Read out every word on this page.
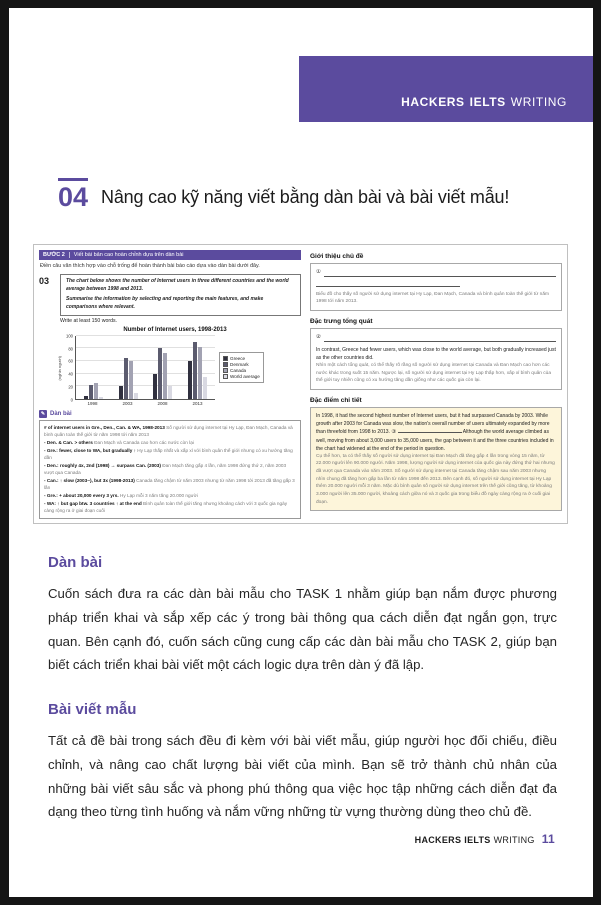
HACKERS IELTS WRITING
04 Nâng cao kỹ năng viết bằng dàn bài và bài viết mẫu!
BƯỚC 2	Viết bài bản cao hoàn chỉnh dựa trên dàn bài

Điền câu văn thích hợp vào chỗ trống để hoàn thành bài báo cáo dựa vào dàn bài dưới đây.

03	The chart below shows the number of Internet users in three different countries and the world average between 1998 and 2013.

Summarise the information by selecting and reporting the main features, and make comparisons where relevant.

Write at least 150 words.

Number of Internet users, 1998-2013
(nghìn người)
0
20
40
60
80
100
Greece
Denmark
Canada
World average
1998	2003	2008	2013
✎ Dàn bài
# of internet users in Gre., Den., Can. & WA, 1998-2013 Số người sử dụng internet tại Hy Lạp, Đan Mạch, Canada và bình quân toàn thế giới từ năm 1998 tới năm 2013
- Den. & Can. > others Đan Mạch và Canada cao hơn các nước còn lại
- Gre.: fewer, close to WA, but gradually ↑ Hy Lạp thấp nhất và xấp xỉ với bình quân thế giới nhưng có xu hướng tăng dần
- Den.: roughly 4x, 2nd (1998) → surpass Can. (2003) Đan Mạch tăng gấp 4 lần, năm 1998 đứng thứ 2, năm 2003 vượt qua Canada
- Can.: ↑ slow (2003~), but 3x (1998-2013) Canada tăng chậm từ năm 2003 nhưng từ năm 1998 tới 2013 đã tăng gấp 3 lần
- Gre.: + about 20,000 every 3 yrs. Hy Lạp mỗi 3 năm tăng 20.000 người
- WA: ↑ but gap btw. 3 countries ↑ at the end Bình quân toàn thế giới tăng nhưng khoảng cách với 3 quốc gia ngày càng rộng ra ở giai đoạn cuối
Giới thiệu chủ đề
①

Biểu đồ cho thấy số người sử dụng internet tại Hy Lạp, Đan Mạch, Canada và bình quân toàn thế giới từ năm 1998 tới năm 2013.

Đặc trưng tổng quát
②

In contrast, Greece had fewer users, which was close to the world average, but both gradually increased just as the other countries did.

Nhìn một cách tổng quát, có thể thấy rõ rằng số người sử dụng internet tại Canada và Đan Mạch cao hơn các nước khác trong suốt 15 năm. Ngược lại, số người sử dụng internet tại Hy Lạp thấp hơn, xấp xỉ bình quân của thế giới tuy nhiên cũng có xu hướng tăng dần giống như các quốc gia còn lại.

Đặc điểm chi tiết

In 1998, it had the second highest number of Internet users, but it had surpassed Canada by 2003. While growth after 2003 for Canada was slow, the nation's overall number of users ultimately expanded by more than threefold from 1998 to 2013. ③	Although the world average climbed as well, moving from about 3,000 users to 35,000 users, the gap between it and the three countries included in the chart had widened at the end of the period in question.

Cụ thể hơn, ta có thể thấy số người sử dụng internet tại Đan Mạch đã tăng gấp 4 lần trong vòng 15 năm, từ 22.000 người lên 90.000 người. Năm 1998, lượng người sử dụng internet của quốc gia này đứng thứ hai nhưng đã vượt qua Canada vào năm 2003. Số người sử dụng internet tại Canada tăng chậm sau năm 2003 nhưng nhìn chung đã tăng hơn gấp ba lần từ năm 1998 đến 2013. Bên cạnh đó, số người sử dụng internet tại Hy Lạp thêm 20.000 người mỗi 3 năm. Mặc dù bình quân số người sử dụng internet trên thế giới cũng tăng, từ khoảng 3.000 người lên 35.000 người, khoảng cách giữa nó và 3 quốc gia trong biểu đồ ngày càng rộng ra ở cuối giai đoạn.

Dàn bài

Cuốn sách đưa ra các dàn bài mẫu cho TASK 1 nhằm giúp bạn nắm được phương pháp triển khai và sắp xếp các ý trong bài thông qua cách diễn đạt ngắn gọn, trực quan. Bên cạnh đó, cuốn sách cũng cung cấp các dàn bài mẫu cho TASK 2, giúp bạn biết cách triển khai bài viết một cách logic dựa trên dàn ý đã lập.

Bài viết mẫu

Tất cả đề bài trong sách đều đi kèm với bài viết mẫu, giúp người học đối chiếu, điều chỉnh, và nâng cao chất lượng bài viết của mình. Bạn sẽ trở thành chủ nhân của những bài viết sâu sắc và phong phú thông qua việc học tập những cách diễn đạt đa dạng theo từng tình huống và nắm vững những từ vựng thường dùng theo chủ đề.

HACKERS IELTS WRITING 11
